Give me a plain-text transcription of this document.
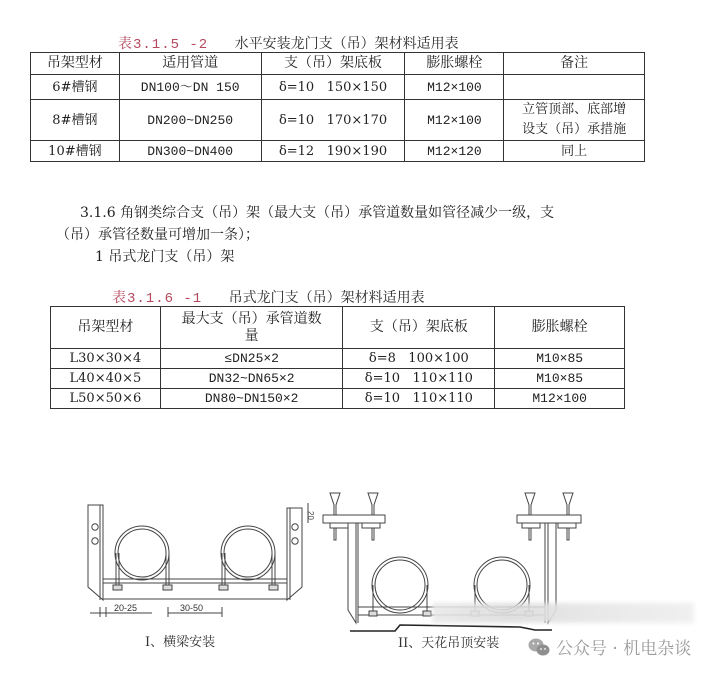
表3.1.5 -2 水平安装龙门支（吊）架材料适用表
吊架型材	适用管道	支（吊）架底板	膨胀螺栓	备注
6#槽钢	DN100～DN 150	δ=10   150×150	M12×100	
8#槽钢	DN200~DN250	δ=10   170×170	M12×100	立管顶部、底部增
设支（吊）承措施

10#槽钢	DN300~DN400	δ=12   190×190	M12×120	同上
3.1.6 角钢类综合支（吊）架（最大支（吊）承管道数量如管径减少一级，支
（吊）承管径数量可增加一条）；
1 吊式龙门支（吊）架
表3.1.6 -1 吊式龙门支（吊）架材料适用表
吊架型材	最大支（吊）承管道数
量	支（吊）架底板	膨胀螺栓
L30×30×4	≤DN25×2	δ=8   100×100	M10×85
L40×40×5	DN32~DN65×2	δ=10   110×110	M10×85
L50×50×6	DN80~DN150×2	δ=10   110×110	M12×100
20
20-25	30-50
I、横梁安装	II、天花吊顶安装	公众号 · 机电杂谈
